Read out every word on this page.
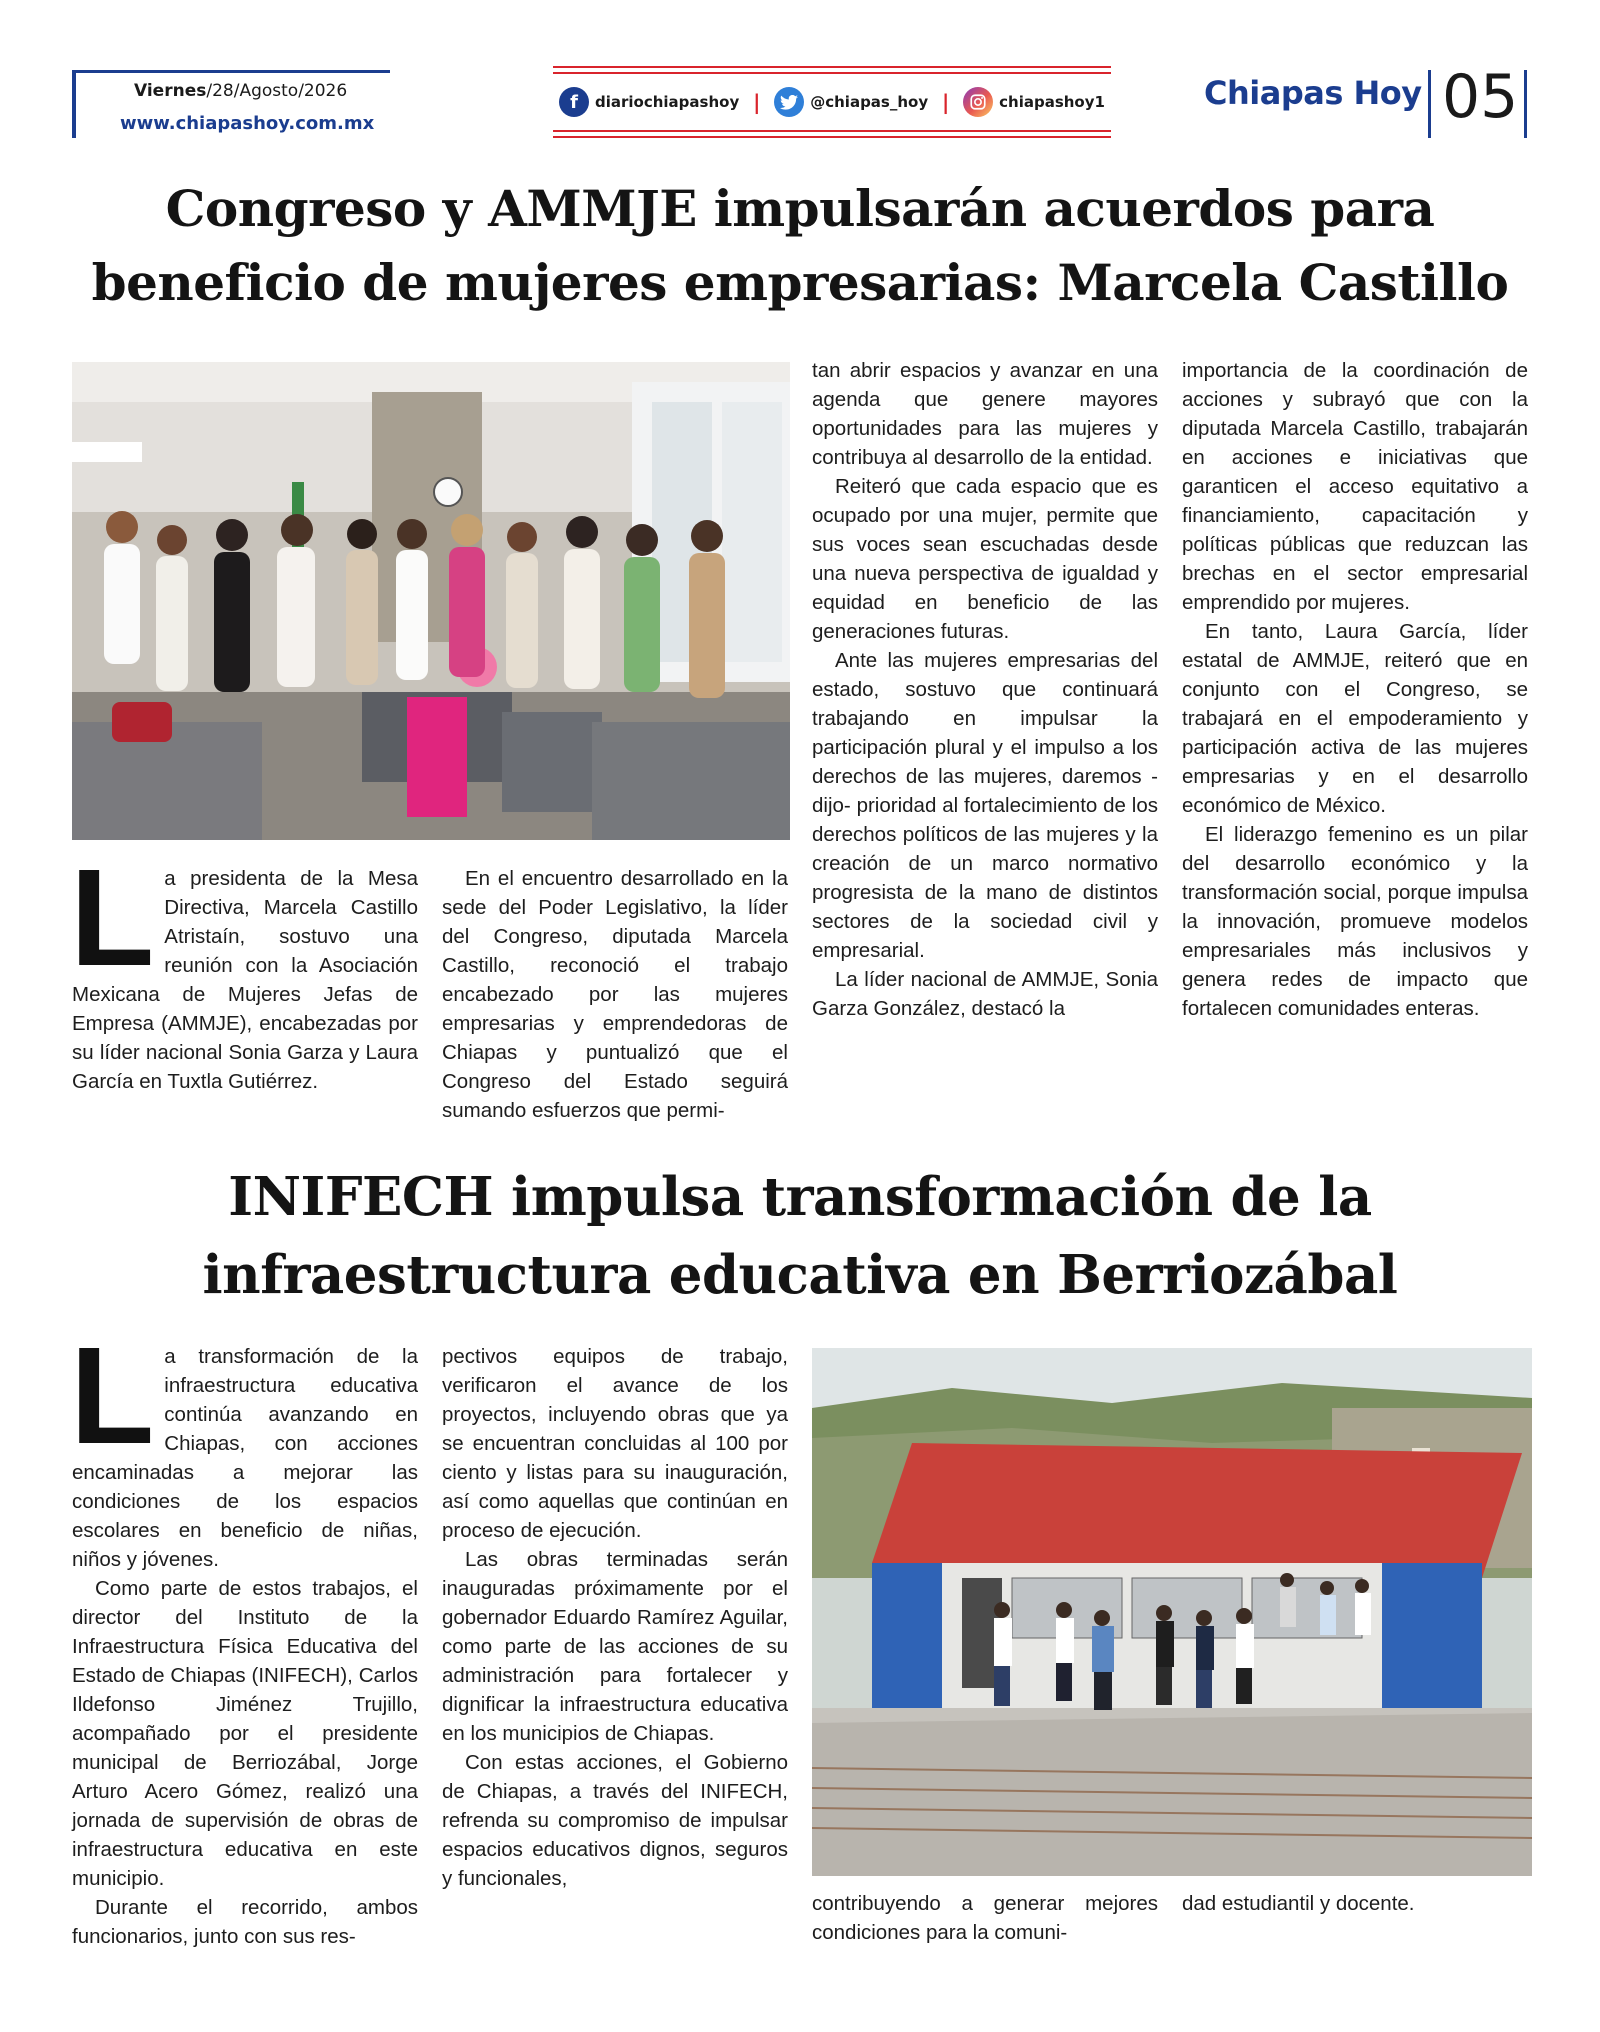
Viernes/28/Agosto/2026
www.chiapashoy.com.mx
f	diariochiapashoy |	@chiapas_hoy |	chiapashoy1	Chiapas Hoy 05
Congreso y AMMJE impulsarán acuerdos para
beneficio de mujeres empresarias: Marcela Castillo
L a presidenta de la Mesa Directiva, Marcela Castillo Atristaín, sostuvo una reunión con la Asociación Mexicana de Mujeres Jefas de Empresa (AMMJE), encabezadas por su líder nacional Sonia Garza y Laura García en Tuxtla Gutiérrez.

En el encuentro desarrollado en la sede del Poder Legislativo, la líder del Congreso, diputada Marcela Castillo, reconoció el trabajo encabezado por las mujeres empresarias y emprendedoras de Chiapas y puntualizó que el Congreso del Estado seguirá sumando esfuerzos que permi-

tan abrir espacios y avanzar en una agenda que genere mayores oportunidades para las mujeres y contribuya al desarrollo de la entidad.

Reiteró que cada espacio que es ocupado por una mujer, permite que sus voces sean escuchadas desde una nueva perspectiva de igualdad y equidad en beneficio de las generaciones futuras.

Ante las mujeres empresarias del estado, sostuvo que continuará trabajando en impulsar la participación plural y el impulso a los derechos de las mujeres, daremos -dijo- prioridad al fortalecimiento de los derechos políticos de las mujeres y la creación de un marco normativo progresista de la mano de distintos sectores de la sociedad civil y empresarial.

La líder nacional de AMMJE, Sonia Garza González, destacó la

importancia de la coordinación de acciones y subrayó que con la diputada Marcela Castillo, trabajarán en acciones e iniciativas que garanticen el acceso equitativo a financiamiento, capacitación y políticas públicas que reduzcan las brechas en el sector empresarial emprendido por mujeres.

En tanto, Laura García, líder estatal de AMMJE, reiteró que en conjunto con el Congreso, se trabajará en el empoderamiento y participación activa de las mujeres empresarias y en el desarrollo económico de México.

El liderazgo femenino es un pilar del desarrollo económico y la transformación social, porque impulsa la innovación, promueve modelos empresariales más inclusivos y genera redes de impacto que fortalecen comunidades enteras.

INIFECH impulsa transformación de la
infraestructura educativa en Berriozábal
L a transformación de la infraestructura educativa continúa avanzando en Chiapas, con acciones encaminadas a mejorar las condiciones de los espacios escolares en beneficio de niñas, niños y jóvenes.

Como parte de estos trabajos, el director del Instituto de la Infraestructura Física Educativa del Estado de Chiapas (INIFECH), Carlos Ildefonso Jiménez Trujillo, acompañado por el presidente municipal de Berriozábal, Jorge Arturo Acero Gómez, realizó una jornada de supervisión de obras de infraestructura educativa en este municipio.

Durante el recorrido, ambos funcionarios, junto con sus res-

pectivos equipos de trabajo, verificaron el avance de los proyectos, incluyendo obras que ya se encuentran concluidas al 100 por ciento y listas para su inauguración, así como aquellas que continúan en proceso de ejecución.

Las obras terminadas serán inauguradas próximamente por el gobernador Eduardo Ramírez Aguilar, como parte de las acciones de su administración para fortalecer y dignificar la infraestructura educativa en los municipios de Chiapas.

Con estas acciones, el Gobierno de Chiapas, a través del INIFECH, refrenda su compromiso de impulsar espacios educativos dignos, seguros y funcionales,

contribuyendo a generar mejores condiciones para la comuni-

dad estudiantil y docente.
